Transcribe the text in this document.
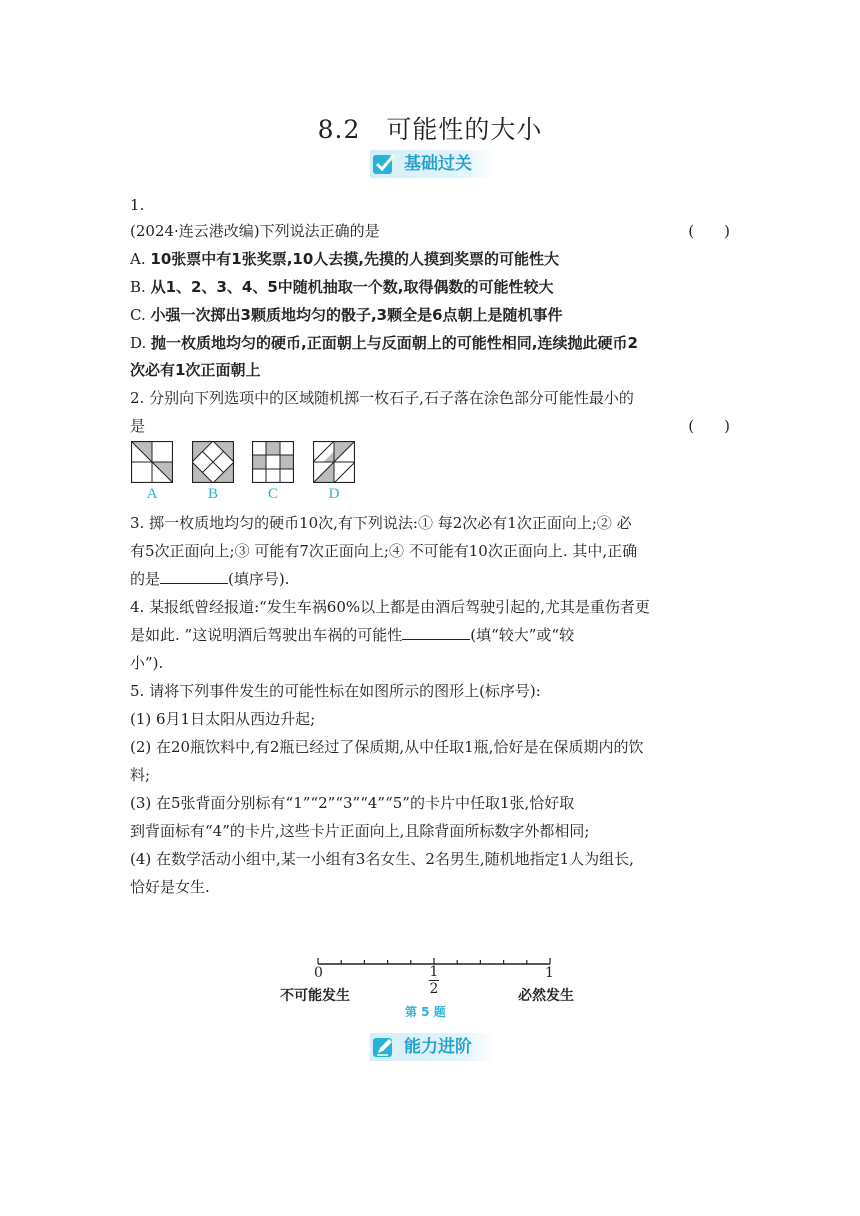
8.2　可能性的大小
基础过关
1.
(2024·连云港改编)下列说法正确的是	(　　)
A. 10张票中有1张奖票,10人去摸,先摸的人摸到奖票的可能性大
B. 从1、2、3、4、5中随机抽取一个数,取得偶数的可能性较大
C. 小强一次掷出3颗质地均匀的骰子,3颗全是6点朝上是随机事件
D. 抛一枚质地均匀的硬币,正面朝上与反面朝上的可能性相同,连续抛此硬币2
次必有1次正面朝上
2. 分别向下列选项中的区域随机掷一枚石子,石子落在涂色部分可能性最小的
是	(　　)
A	B	C	D
3. 掷一枚质地均匀的硬币10次,有下列说法:① 每2次必有1次正面向上;② 必
有5次正面向上;③ 可能有7次正面向上;④ 不可能有10次正面向上. 其中,正确
的是	(填序号).
4. 某报纸曾经报道:“发生车祸60%以上都是由酒后驾驶引起的,尤其是重伤者更
是如此. ”这说明酒后驾驶出车祸的可能性	(填“较大”或“较
小”).
5. 请将下列事件发生的可能性标在如图所示的图形上(标序号):
(1) 6月1日太阳从西边升起;
(2) 在20瓶饮料中,有2瓶已经过了保质期,从中任取1瓶,恰好是在保质期内的饮
料;
(3) 在5张背面分别标有“1”“2”“3”“4”“5”的卡片中任取1张,恰好取
到背面标有“4”的卡片,这些卡片正面向上,且除背面所标数字外都相同;
(4) 在数学活动小组中,某一小组有3名女生、2名男生,随机地指定1人为组长,
恰好是女生.
0	1
2
1
不可能发生	必然发生
第 5 题
能力进阶
